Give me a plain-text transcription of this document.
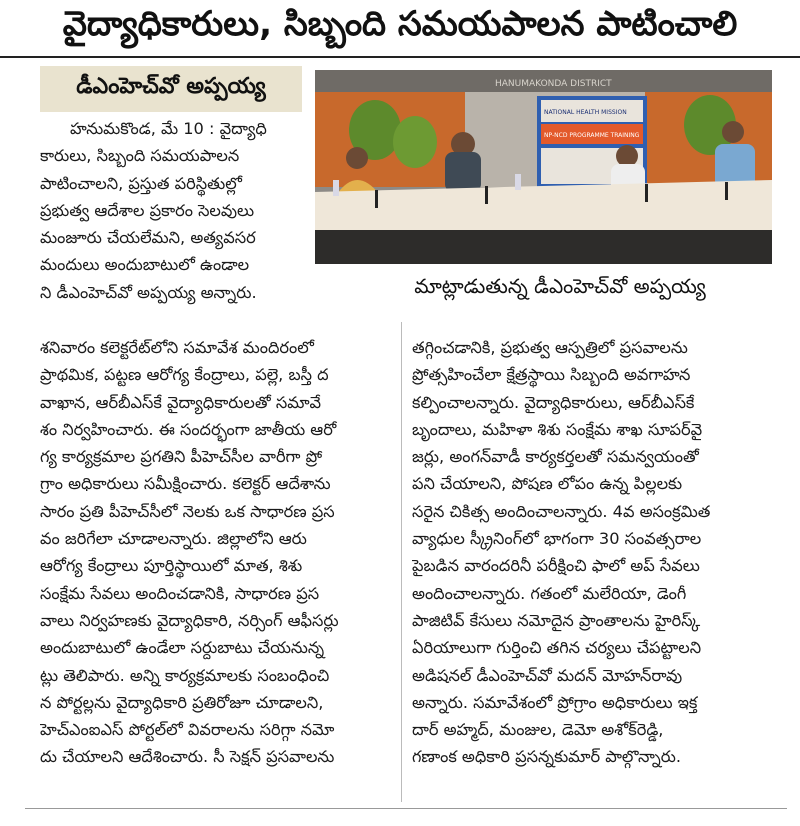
వైద్యాధికారులు, సిబ్బంది సమయపాలన పాటించాలి
డీఎంహెచ్‌వో అప్పయ్య	HANUMAKONDA DISTRICT
NATIONAL HEALTH MISSION
NP-NCD PROGRAMME TRAINING
మాట్లాడుతున్న డీఎంహెచ్‌వో అప్పయ్య
హనుమకొండ, మే 10 : వైద్యాధి
కారులు, సిబ్బంది సమయపాలన
పాటించాలని, ప్రస్తుత పరిస్థితుల్లో
ప్రభుత్వ ఆదేశాల ప్రకారం సెలవులు
మంజూరు చేయలేమని, అత్యవసర
మందులు అందుబాటులో ఉండాల
ని డీఎంహెచ్‌వో అప్పయ్య అన్నారు.
శనివారం కలెక్టరేట్‌లోని సమావేశ మందిరంలో
ప్రాథమిక, పట్టణ ఆరోగ్య కేంద్రాలు, పల్లె, బస్తీ ద
వాఖాన, ఆర్‌బీఎస్‌కే వైద్యాధికారులతో సమావే
శం నిర్వహించారు. ఈ సందర్భంగా జాతీయ ఆరో
గ్య కార్యక్రమాల ప్రగతిని పీహెచ్‌సీల వారీగా ప్రో
గ్రాం అధికారులు సమీక్షించారు. కలెక్టర్ ఆదేశాను
సారం ప్రతి పీహెచ్‌సీలో నెలకు ఒక సాధారణ ప్రస
వం జరిగేలా చూడాలన్నారు. జిల్లాలోని ఆరు
ఆరోగ్య కేంద్రాలు పూర్తిస్థాయిలో మాత, శిశు
సంక్షేమ సేవలు అందించడానికి, సాధారణ ప్రస
వాలు నిర్వహణకు వైద్యాధికారి, నర్సింగ్ ఆఫీసర్లు
అందుబాటులో ఉండేలా సర్దుబాటు చేయనున్న
ట్లు తెలిపారు. అన్ని కార్యక్రమాలకు సంబంధించి
న పోర్టల్లను వైద్యాధికారి ప్రతిరోజూ చూడాలని,
హెచ్ఎంఐఎస్ పోర్టల్‌లో వివరాలను సరిగ్గా నమో
దు చేయాలని ఆదేశించారు. సీ సెక్షన్ ప్రసవాలను
తగ్గించడానికి, ప్రభుత్వ ఆస్పత్రిలో ప్రసవాలను
ప్రోత్సహించేలా క్షేత్రస్థాయి సిబ్బంది అవగాహన
కల్పించాలన్నారు. వైద్యాధికారులు, ఆర్‌బీఎస్‌కే
బృందాలు, మహిళా శిశు సంక్షేమ శాఖ సూపర్‌వై
జర్లు, అంగన్‌వాడీ కార్యకర్తలతో సమన్వయంతో
పని చేయాలని, పోషణ లోపం ఉన్న పిల్లలకు
సరైన చికిత్స అందించాలన్నారు. 4వ అసంక్రమిత
వ్యాధుల స్క్రీనింగ్‌లో భాగంగా 30 సంవత్సరాల
పైబడిన వారందరినీ పరీక్షించి ఫాలో అప్ సేవలు
అందించాలన్నారు. గతంలో మలేరియా, డెంగీ
పాజిటివ్ కేసులు నమోదైన ప్రాంతాలను హైరిస్క్
ఏరియాలుగా గుర్తించి తగిన చర్యలు చేపట్టాలని
అడిషనల్ డీఎంహెచ్‌వో మదన్ మోహన్‌రావు
అన్నారు. సమావేశంలో ప్రోగ్రాం అధికారులు ఇక్త
దార్ అహ్మద్, మంజుల, డెమో అశోక్‌రెడ్డి,
గణాంక అధికారి ప్రసన్నకుమార్ పాల్గొన్నారు.
